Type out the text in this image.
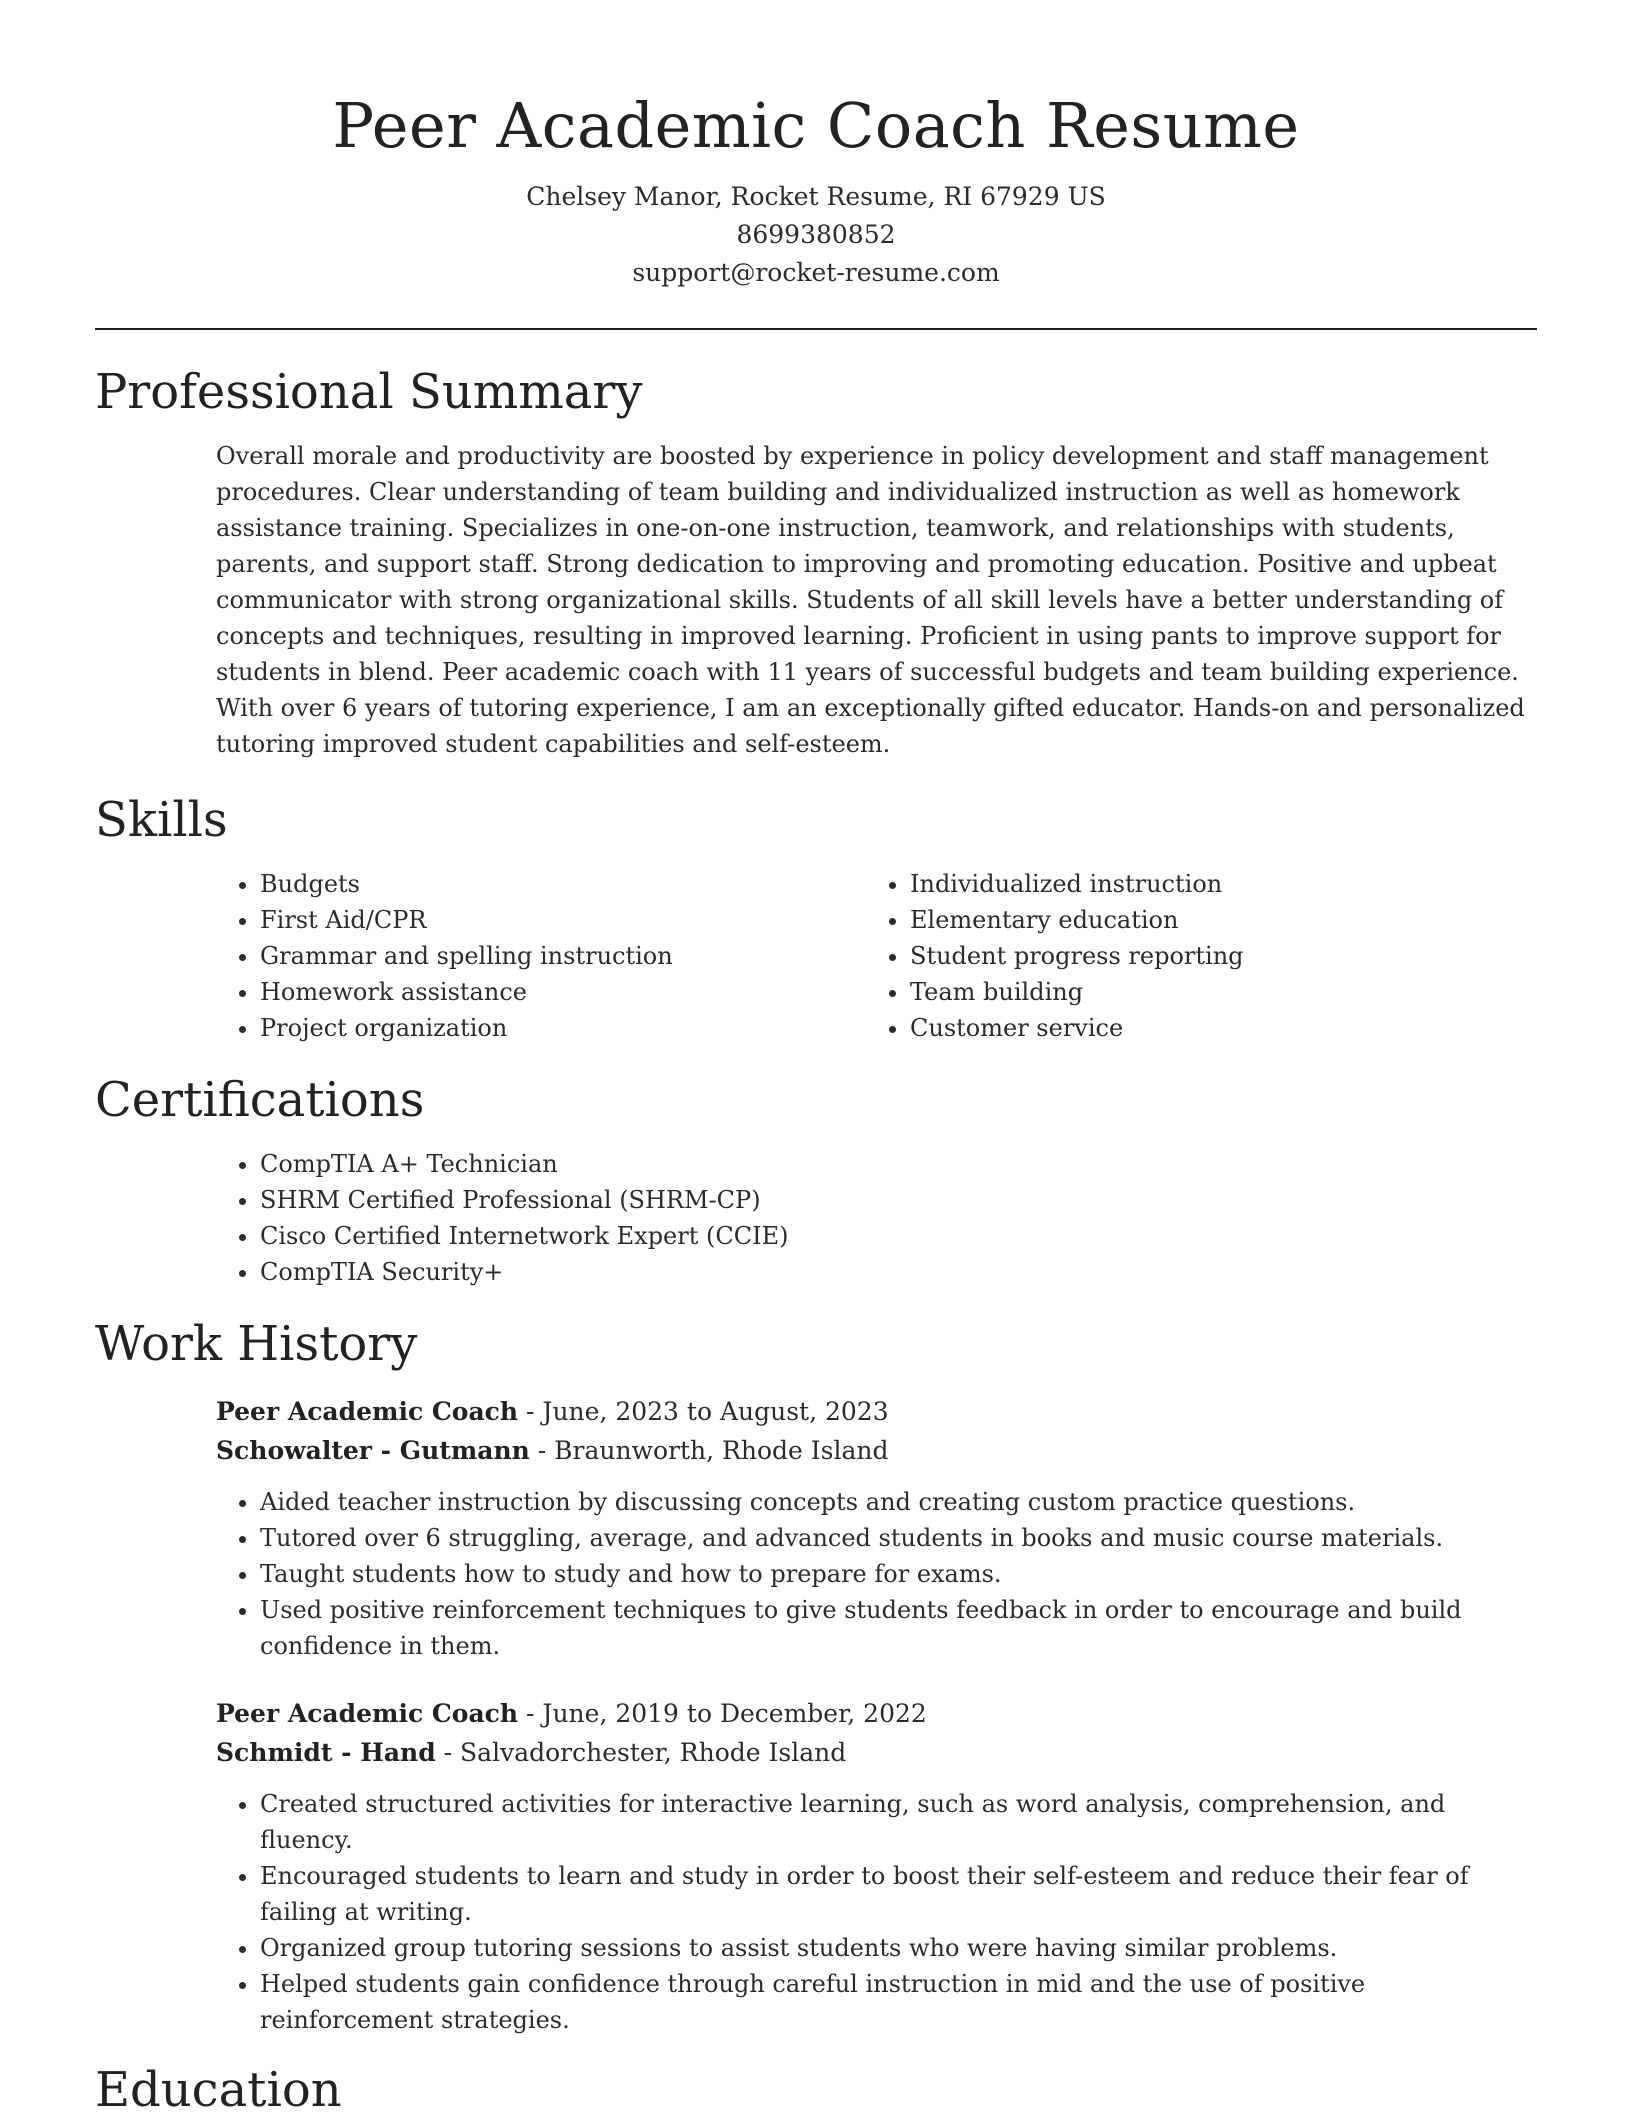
Peer Academic Coach Resume
Chelsey Manor, Rocket Resume, RI 67929 US
8699380852
support@rocket-resume.com
Professional Summary

Overall morale and productivity are boosted by experience in policy development and staff management procedures. Clear understanding of team building and individualized instruction as well as homework assistance training. Specializes in one-on-one instruction, teamwork, and relationships with students, parents, and support staff. Strong dedication to improving and promoting education. Positive and upbeat communicator with strong organizational skills. Students of all skill levels have a better understanding of concepts and techniques, resulting in improved learning. Proficient in using pants to improve support for students in blend. Peer academic coach with 11 years of successful budgets and team building experience. With over 6 years of tutoring experience, I am an exceptionally gifted educator. Hands-on and personalized tutoring improved student capabilities and self-esteem.

Skills
• Budgets
• First Aid/CPR
• Grammar and spelling instruction
• Homework assistance
• Project organization
• Individualized instruction
• Elementary education
• Student progress reporting
• Team building
• Customer service
Certifications
• CompTIA A+ Technician
• SHRM Certified Professional (SHRM-CP)
• Cisco Certified Internetwork Expert (CCIE)
• CompTIA Security+
Work History
Peer Academic Coach - June, 2023 to August, 2023
Schowalter - Gutmann - Braunworth, Rhode Island
• Aided teacher instruction by discussing concepts and creating custom practice questions.
• Tutored over 6 struggling, average, and advanced students in books and music course materials.
• Taught students how to study and how to prepare for exams.
• Used positive reinforcement techniques to give students feedback in order to encourage and build confidence in them.
Peer Academic Coach - June, 2019 to December, 2022
Schmidt - Hand - Salvadorchester, Rhode Island
• Created structured activities for interactive learning, such as word analysis, comprehension, and fluency.
• Encouraged students to learn and study in order to boost their self-esteem and reduce their fear of failing at writing.
• Organized group tutoring sessions to assist students who were having similar problems.
• Helped students gain confidence through careful instruction in mid and the use of positive reinforcement strategies.
Education
